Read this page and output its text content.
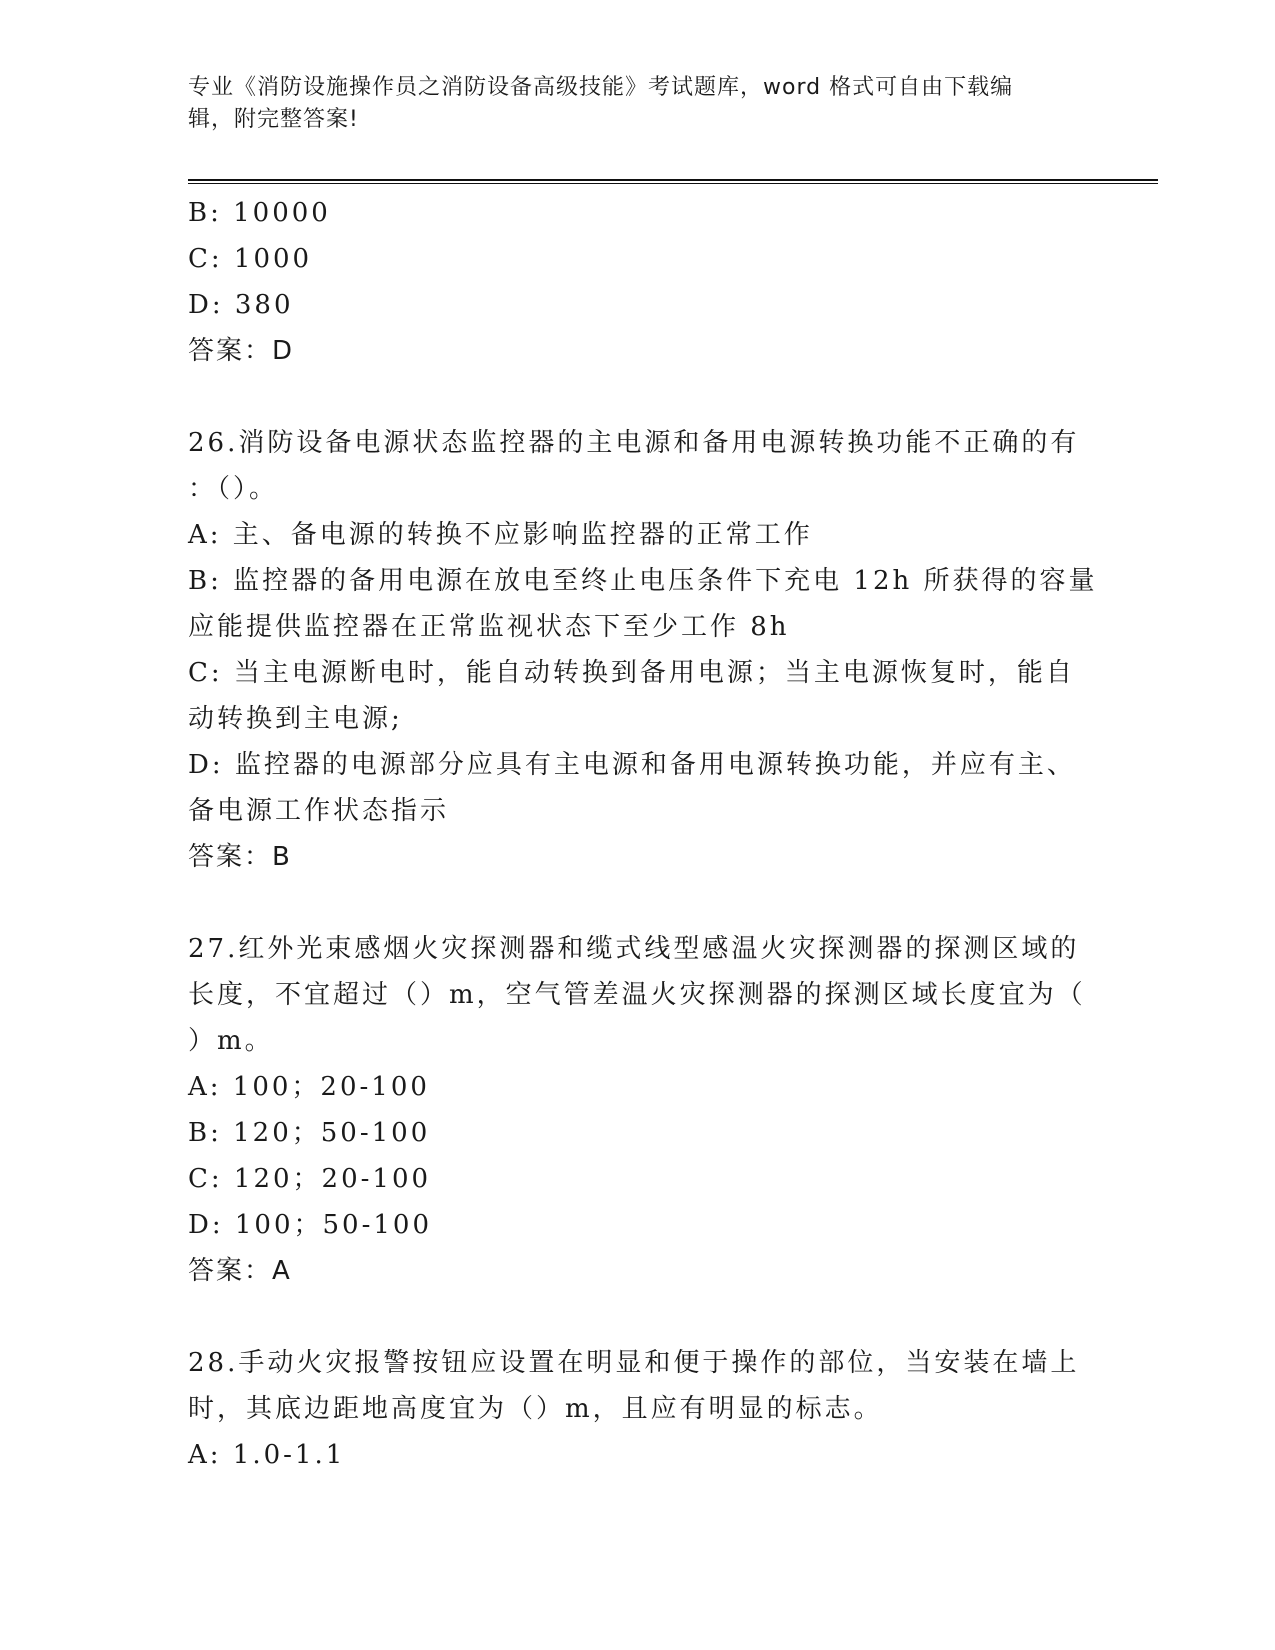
专业《消防设施操作员之消防设备高级技能》考试题库，word 格式可自由下载编
辑，附完整答案!
B: 10000
C: 1000
D: 380
答案：D
26.消防设备电源状态监控器的主电源和备用电源转换功能不正确的有
：（）。
A: 主、备电源的转换不应影响监控器的正常工作
B: 监控器的备用电源在放电至终止电压条件下充电 12h 所获得的容量
应能提供监控器在正常监视状态下至少工作 8h
C: 当主电源断电时，能自动转换到备用电源；当主电源恢复时，能自
动转换到主电源;
D: 监控器的电源部分应具有主电源和备用电源转换功能，并应有主、
备电源工作状态指示
答案：B
27.红外光束感烟火灾探测器和缆式线型感温火灾探测器的探测区域的
长度，不宜超过（）m，空气管差温火灾探测器的探测区域长度宜为（
）m。
A: 100；20-100
B: 120；50-100
C: 120；20-100
D: 100；50-100
答案：A
28.手动火灾报警按钮应设置在明显和便于操作的部位，当安装在墙上
时，其底边距地高度宜为（）m，且应有明显的标志。
A: 1.0-1.1
